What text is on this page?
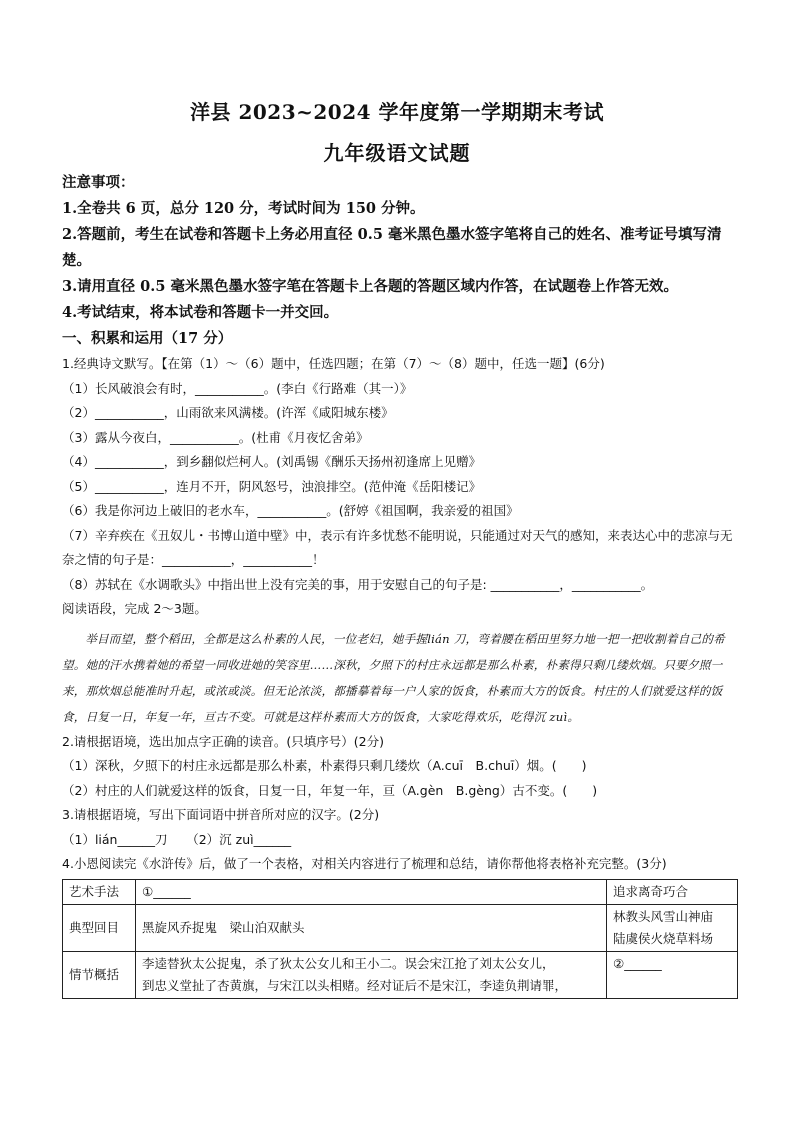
洋县 2023~2024 学年度第一学期期末考试
九年级语文试题
注意事项：
1.全卷共 6 页，总分 120 分，考试时间为 150 分钟。
2.答题前，考生在试卷和答题卡上务必用直径 0.5 毫米黑色墨水签字笔将自己的姓名、准考证号填写清楚。
3.请用直径 0.5 毫米黑色墨水签字笔在答题卡上各题的答题区域内作答，在试题卷上作答无效。
4.考试结束，将本试卷和答题卡一并交回。
一、积累和运用（17 分）
1.经典诗文默写。【在第（1）～（6）题中，任选四题；在第（7）～（8）题中，任选一题】(6分)
（1）长风破浪会有时，___________。(李白《行路难（其一）》
（2）___________，山雨欲来风满楼。(许浑《咸阳城东楼》
（3）露从今夜白，___________。(杜甫《月夜忆舍弟》
（4）___________，到乡翻似烂柯人。(刘禹锡《酬乐天扬州初逢席上见赠》
（5）___________，连月不开，阴风怒号，浊浪排空。(范仲淹《岳阳楼记》
（6）我是你河边上破旧的老水车，___________。(舒婷《祖国啊，我亲爱的祖国》
（7）辛弃疾在《丑奴儿・书博山道中壁》中，表示有许多忧愁不能明说，只能通过对天气的感知，来表达心中的悲凉与无奈之情的句子是：___________，___________！
（8）苏轼在《水调歌头》中指出世上没有完美的事，用于安慰自己的句子是: ___________，___________。
阅读语段，完成 2～3题。

举目而望，整个稻田，全都是这么朴素的人民，一位老妇，她手握lián 刀，弯着腰在稻田里努力地一把一把收割着自己的希望。她的汗水携着她的希望一同收进她的笑容里……深秋，夕照下的村庄永远都是那么朴素，朴素得只剩几缕炊烟。只要夕照一来，那炊烟总能准时升起，或浓或淡。但无论浓淡，都播摹着每一户人家的饭食，朴素而大方的饭食。村庄的人们就爱这样的饭食，日复一日，年复一年，亘古不变。可就是这样朴素而大方的饭食，大家吃得欢乐，吃得沉 zuì。

2.请根据语境，选出加点字正确的读音。(只填序号）(2分)
（1）深秋，夕照下的村庄永远都是那么朴素，朴素得只剩几缕炊（A.cuī　B.chuī）烟。(　　)
（2）村庄的人们就爱这样的饭食，日复一日，年复一年，亘（A.gèn　B.gèng）古不变。(　　)
3.请根据语境，写出下面词语中拼音所对应的汉字。(2分)
（1）lián______刀　　（2）沉 zuì______
4.小恩阅读完《水浒传》后，做了一个表格，对相关内容进行了梳理和总结，请你帮他将表格补充完整。(3分)
艺术手法	①______	追求离奇巧合
典型回目	黑旋风乔捉鬼　梁山泊双献头	林教头风雪山神庙
陆虞侯火烧草料场

情节概括	李逵替狄太公捉鬼，杀了狄太公女儿和王小二。误会宋江抢了刘太公女儿，
到忠义堂扯了杏黄旗，与宋江以头相赌。经对证后不是宋江，李逵负荆请罪，	②______
